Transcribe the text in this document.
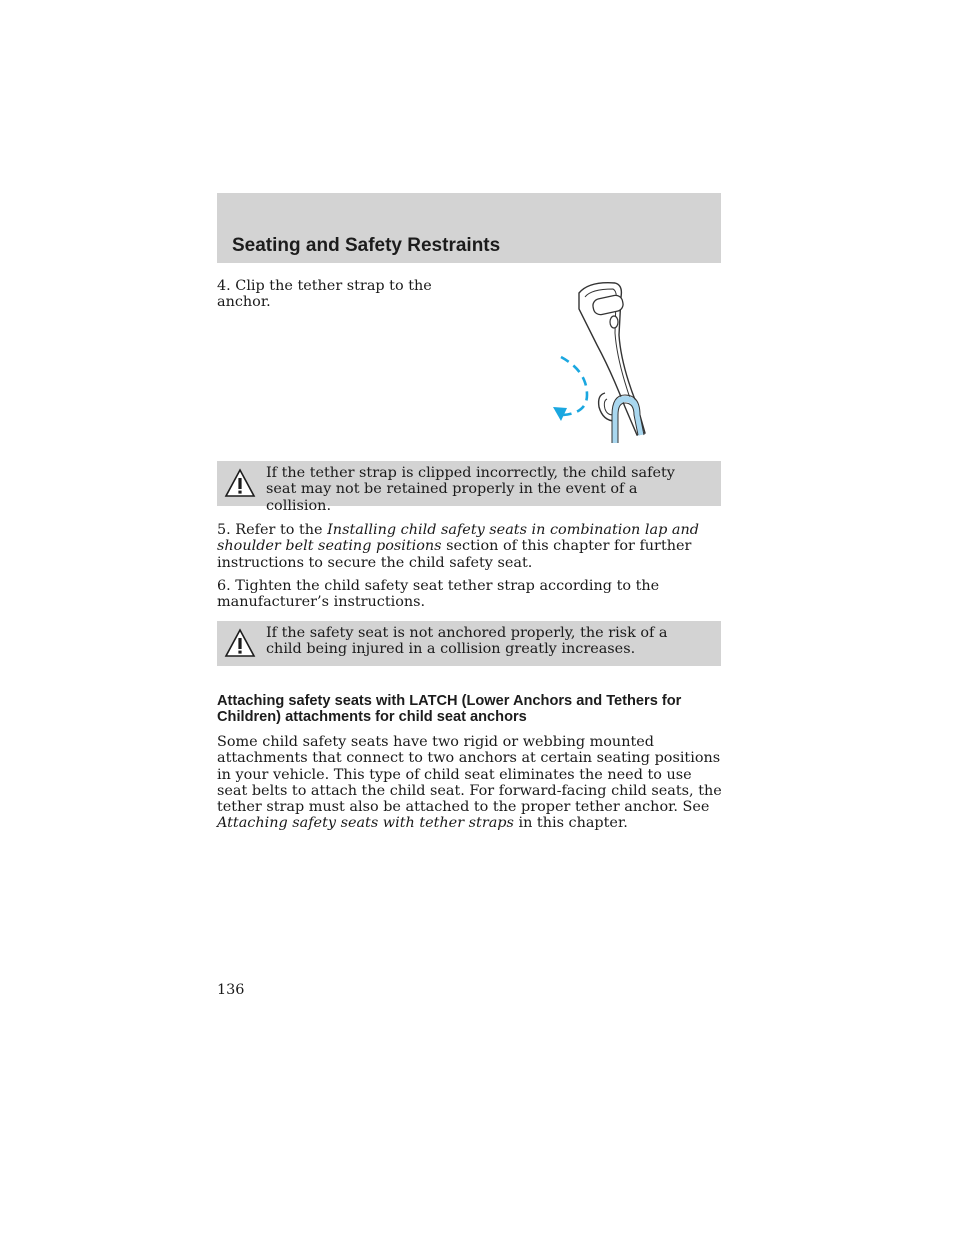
Seating and Safety Restraints

4. Clip the tether strap to the anchor.

If the tether strap is clipped incorrectly, the child safety seat may not be retained properly in the event of a collision.

5. Refer to the Installing child safety seats in combination lap and shoulder belt seating positions section of this chapter for further instructions to secure the child safety seat.

6. Tighten the child safety seat tether strap according to the manufacturer’s instructions.

If the safety seat is not anchored properly, the risk of a child being injured in a collision greatly increases.

Attaching safety seats with LATCH (Lower Anchors and Tethers for Children) attachments for child seat anchors

Some child safety seats have two rigid or webbing mounted attachments that connect to two anchors at certain seating positions in your vehicle. This type of child seat eliminates the need to use seat belts to attach the child seat. For forward-facing child seats, the tether strap must also be attached to the proper tether anchor. See Attaching safety seats with tether straps in this chapter.

136
